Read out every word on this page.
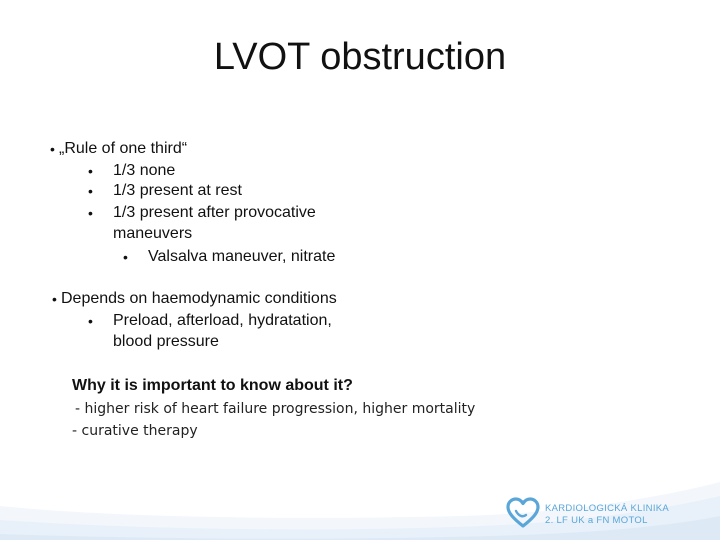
LVOT obstruction
• „Rule of one third“
• 1/3 none
• 1/3 present at rest
• 1/3 present after provocative
maneuvers
• Valsalva maneuver, nitrate
• Depends on haemodynamic conditions
• Preload, afterload, hydratation,
blood pressure
Why it is important to know about it?
- higher risk of heart failure progression, higher mortality
- curative therapy
KARDIOLOGICKÁ KLINIKA
2. LF UK a FN MOTOL
